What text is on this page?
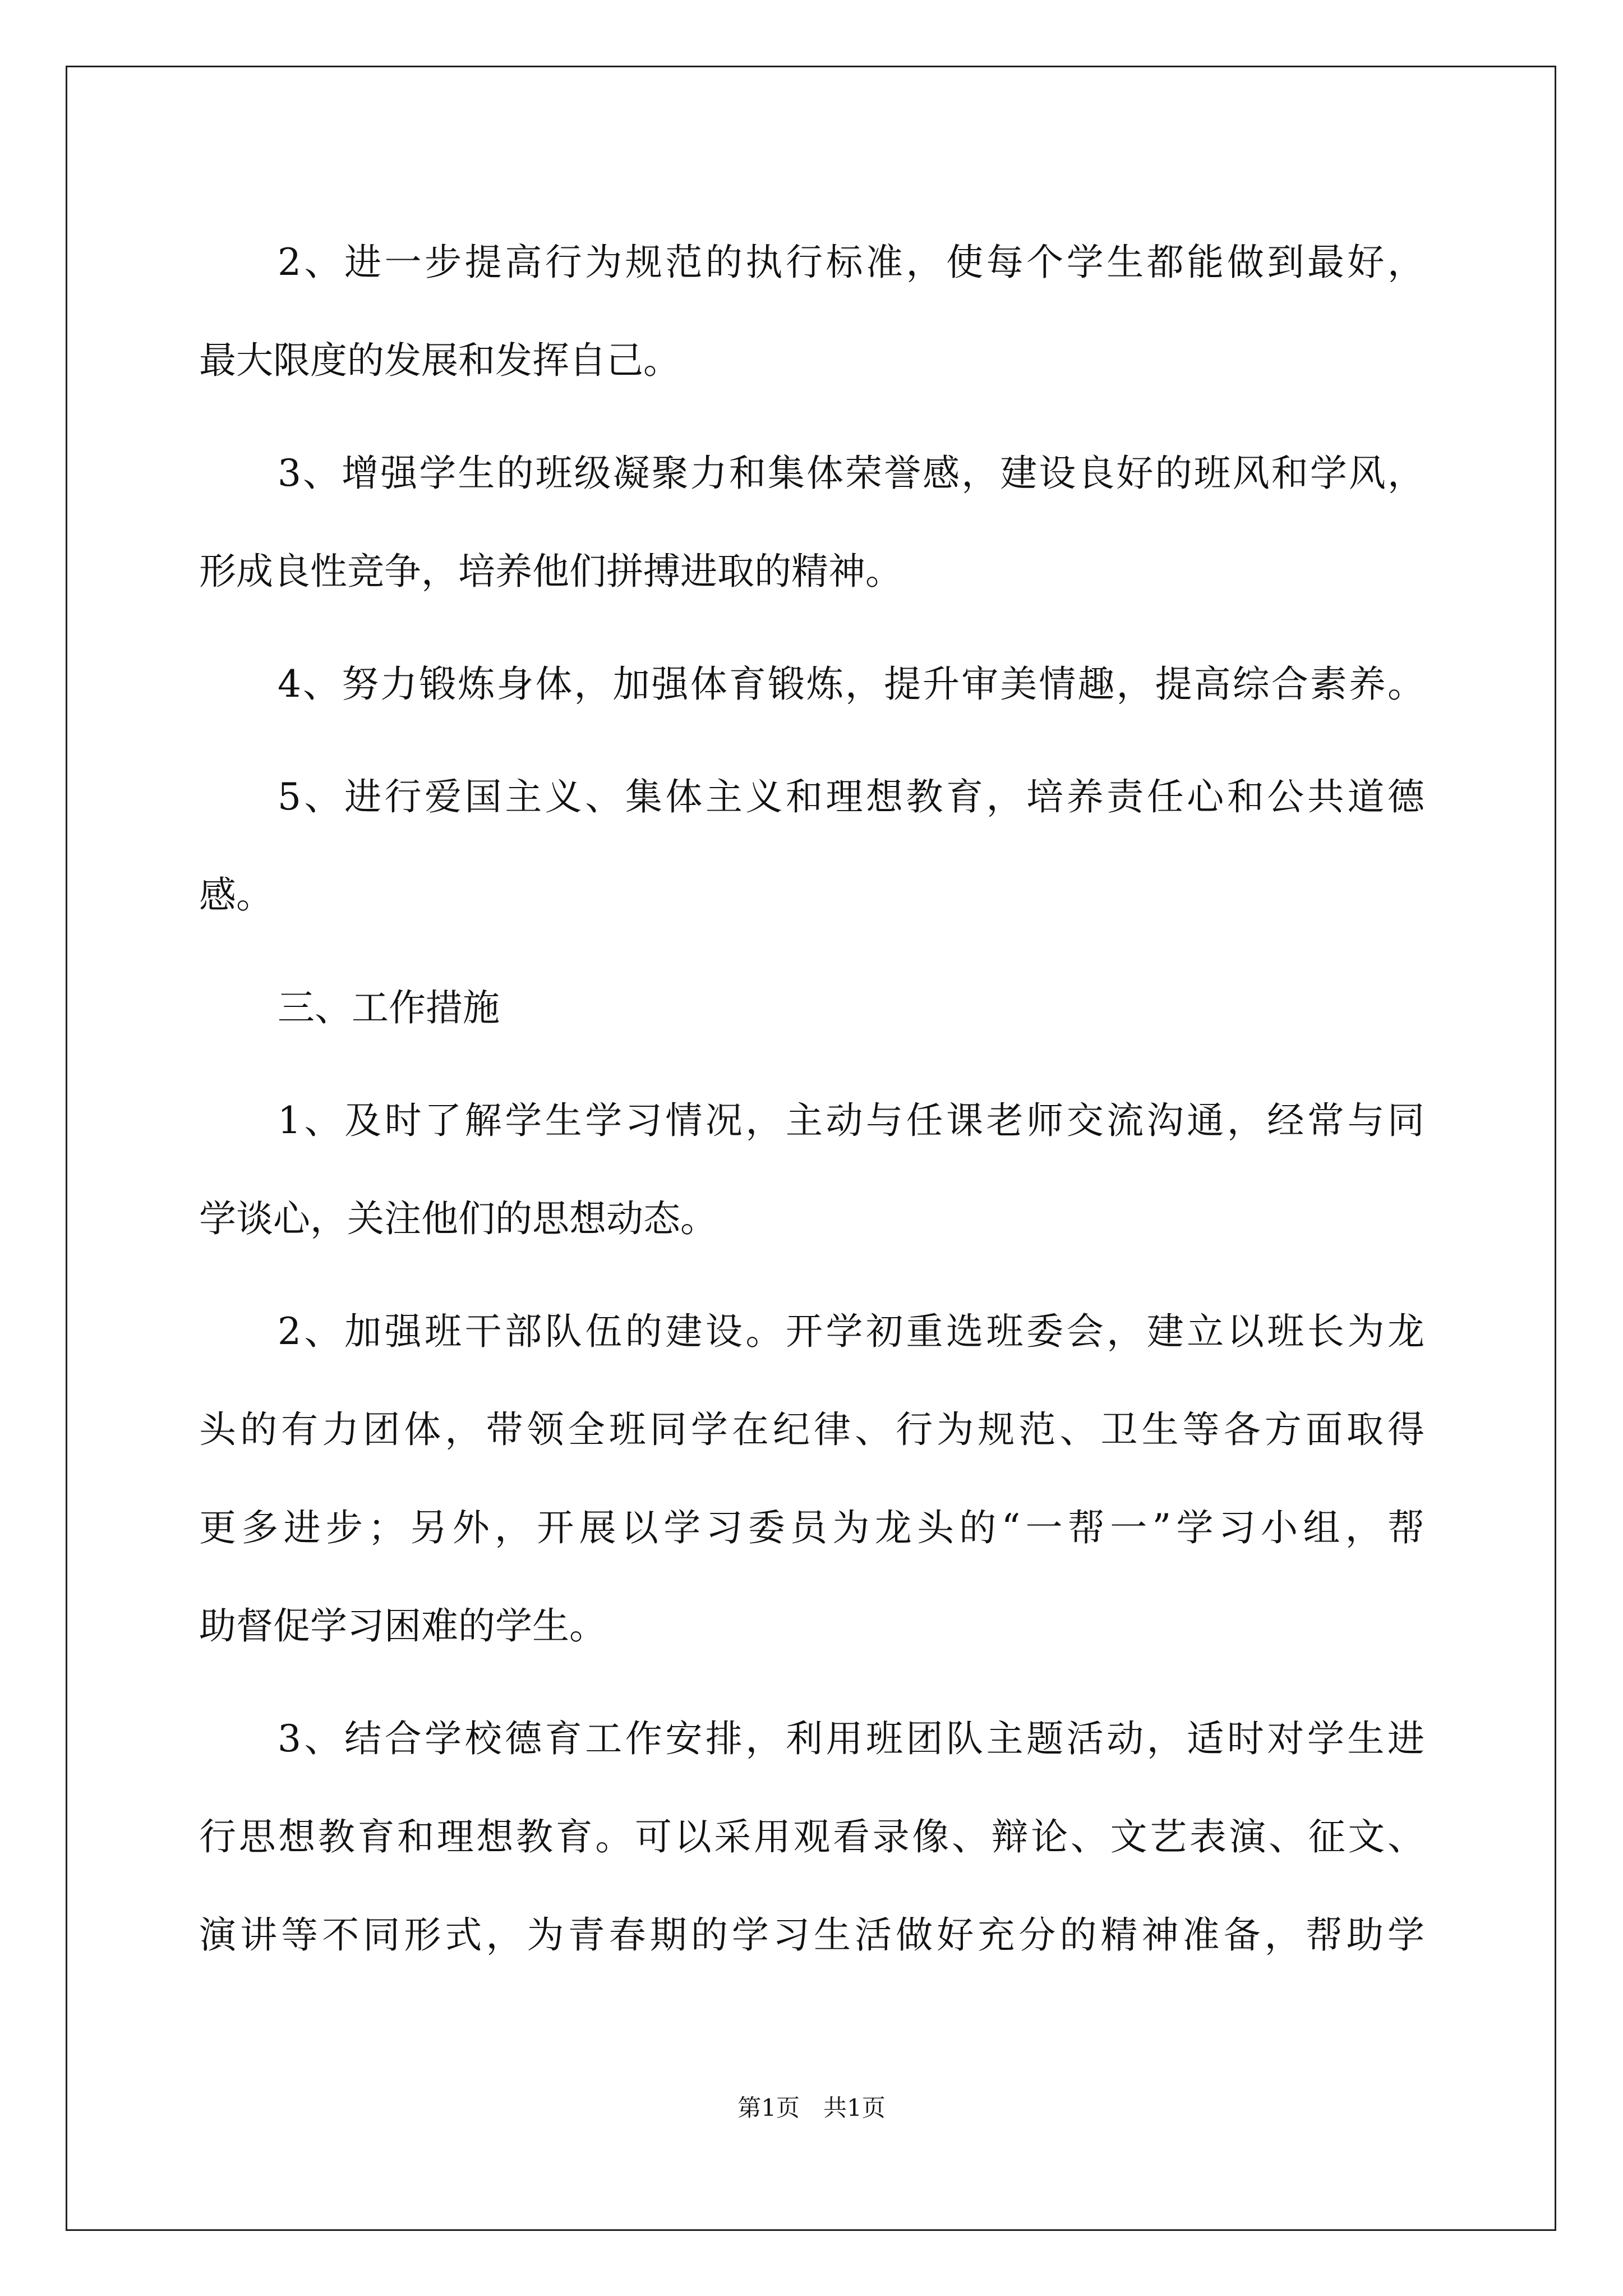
2、进一步提高行为规范的执行标准，使每个学生都能做到最好，
最大限度的发展和发挥自己。
3、增强学生的班级凝聚力和集体荣誉感，建设良好的班风和学风，
形成良性竞争，培养他们拼搏进取的精神。
4、努力锻炼身体，加强体育锻炼，提升审美情趣，提高综合素养。
5、进行爱国主义、集体主义和理想教育，培养责任心和公共道德
感。
三、工作措施
1、及时了解学生学习情况，主动与任课老师交流沟通，经常与同
学谈心，关注他们的思想动态。
2、加强班干部队伍的建设。开学初重选班委会，建立以班长为龙
头的有力团体，带领全班同学在纪律、行为规范、卫生等各方面取得
更多进步；另外，开展以学习委员为龙头的“一帮一”学习小组，帮
助督促学习困难的学生。
3、结合学校德育工作安排，利用班团队主题活动，适时对学生进
行思想教育和理想教育。可以采用观看录像、辩论、文艺表演、征文、
演讲等不同形式，为青春期的学习生活做好充分的精神准备，帮助学
第1页　共1页
